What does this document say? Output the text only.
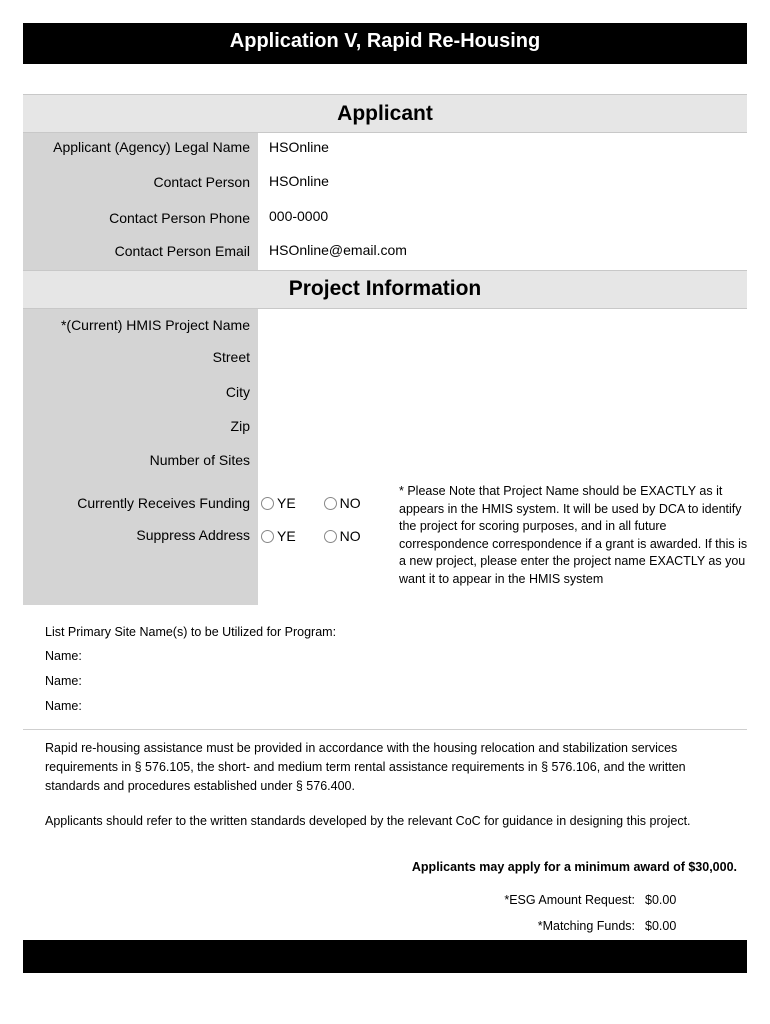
Application V, Rapid Re-Housing
Applicant
Applicant (Agency) Legal Name HSOnline
Contact Person HSOnline
Contact Person Phone 000-0000
Contact Person Email HSOnline@email.com
Project Information
*(Current) HMIS Project Name
Street
City
Zip
Number of Sites
Currently Receives Funding	YE	NO
Suppress Address	YE	NO
* Please Note that Project Name should be EXACTLY as it appears in the HMIS system. It will be used by DCA to identify the project for scoring purposes, and in all future correspondence correspondence if a grant is awarded. If this is a new project, please enter the project name EXACTLY as you want it to appear in the HMIS system
List Primary Site Name(s) to be Utilized for Program:
Name:
Name:
Name:
Rapid re-housing assistance must be provided in accordance with the housing relocation and stabilization services requirements in § 576.105, the short- and medium term rental assistance requirements in § 576.106, and the written standards and procedures established under § 576.400.
Applicants should refer to the written standards developed by the relevant CoC for guidance in designing this project.
Applicants may apply for a minimum award of $30,000.
*ESG Amount Request: $0.00
*Matching Funds: $0.00
